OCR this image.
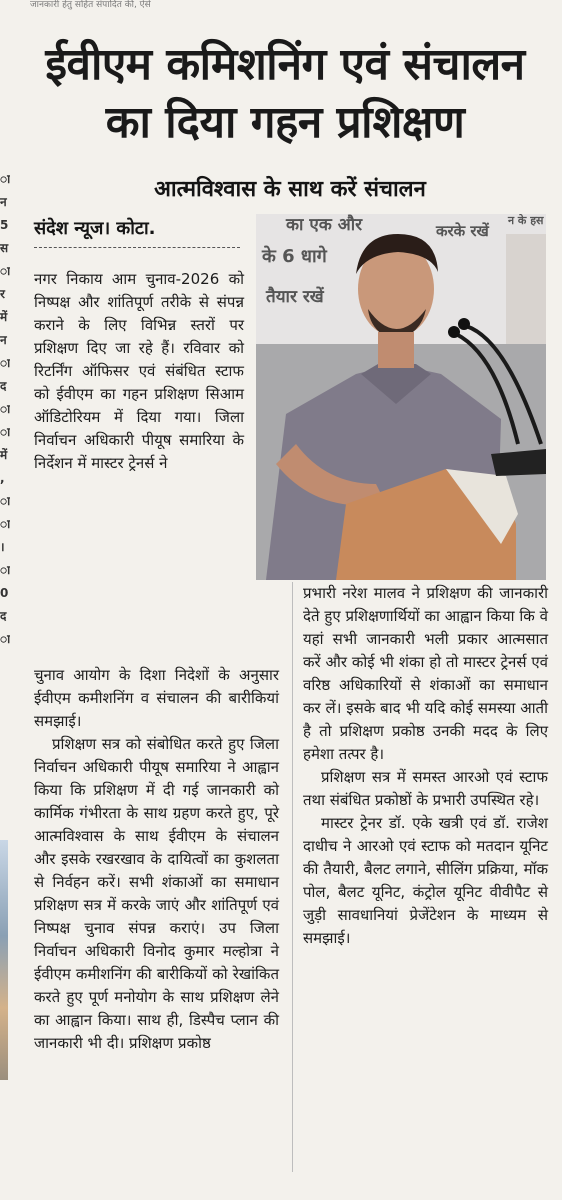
जानकारी हेतु सहित संपादित की, ऐसे
ा
न
5
स
ा
र
में
न
ा
द
ा
ा
में
,
ा
ा
।
ा
0
द
ा
ईवीएम कमिशनिंग एवं संचालन
का दिया गहन प्रशिक्षण
आत्मविश्वास के साथ करें संचालन
संदेश न्यूज। कोटा.

नगर निकाय आम चुनाव-2026 को निष्पक्ष और शांतिपूर्ण तरीके से संपन्न कराने के लिए विभिन्न स्तरों पर प्रशिक्षण दिए जा रहे हैं। रविवार को रिटर्निंग ऑफिसर एवं संबंधित स्टाफ को ईवीएम का गहन प्रशिक्षण सिआम ऑडिटोरियम में दिया गया। जिला निर्वाचन अधिकारी पीयूष समारिया के निर्देशन में मास्टर ट्रेनर्स ने

का एक और	करके रखें
के 6 धागे
तैयार रखें
न के हस

चुनाव आयोग के दिशा निदेशों के अनुसार ईवीएम कमीशनिंग व संचालन की बारीकियां समझाई।

प्रशिक्षण सत्र को संबोधित करते हुए जिला निर्वाचन अधिकारी पीयूष समारिया ने आह्वान किया कि प्रशिक्षण में दी गई जानकारी को कार्मिक गंभीरता के साथ ग्रहण करते हुए, पूरे आत्मविश्वास के साथ ईवीएम के संचालन और इसके रखरखाव के दायित्वों का कुशलता से निर्वहन करें। सभी शंकाओं का समाधान प्रशिक्षण सत्र में करके जाएं और शांतिपूर्ण एवं निष्पक्ष चुनाव संपन्न कराएं। उप जिला निर्वाचन अधिकारी विनोद कुमार मल्होत्रा ने ईवीएम कमीशनिंग की बारीकियों को रेखांकित करते हुए पूर्ण मनोयोग के साथ प्रशिक्षण लेने का आह्वान किया। साथ ही, डिस्पैच प्लान की जानकारी भी दी। प्रशिक्षण प्रकोष्ठ

प्रभारी नरेश मालव ने प्रशिक्षण की जानकारी देते हुए प्रशिक्षणार्थियों का आह्वान किया कि वे यहां सभी जानकारी भली प्रकार आत्मसात करें और कोई भी शंका हो तो मास्टर ट्रेनर्स एवं वरिष्ठ अधिकारियों से शंकाओं का समाधान कर लें। इसके बाद भी यदि कोई समस्या आती है तो प्रशिक्षण प्रकोष्ठ उनकी मदद के लिए हमेशा तत्पर है।

प्रशिक्षण सत्र में समस्त आरओ एवं स्टाफ तथा संबंधित प्रकोष्ठों के प्रभारी उपस्थित रहे।

मास्टर ट्रेनर डॉ. एके खत्री एवं डॉ. राजेश दाधीच ने आरओ एवं स्टाफ को मतदान यूनिट की तैयारी, बैलट लगाने, सीलिंग प्रक्रिया, मॉक पोल, बैलट यूनिट, कंट्रोल यूनिट वीवीपैट से जुड़ी सावधानियां प्रेजेंटेशन के माध्यम से समझाई।
